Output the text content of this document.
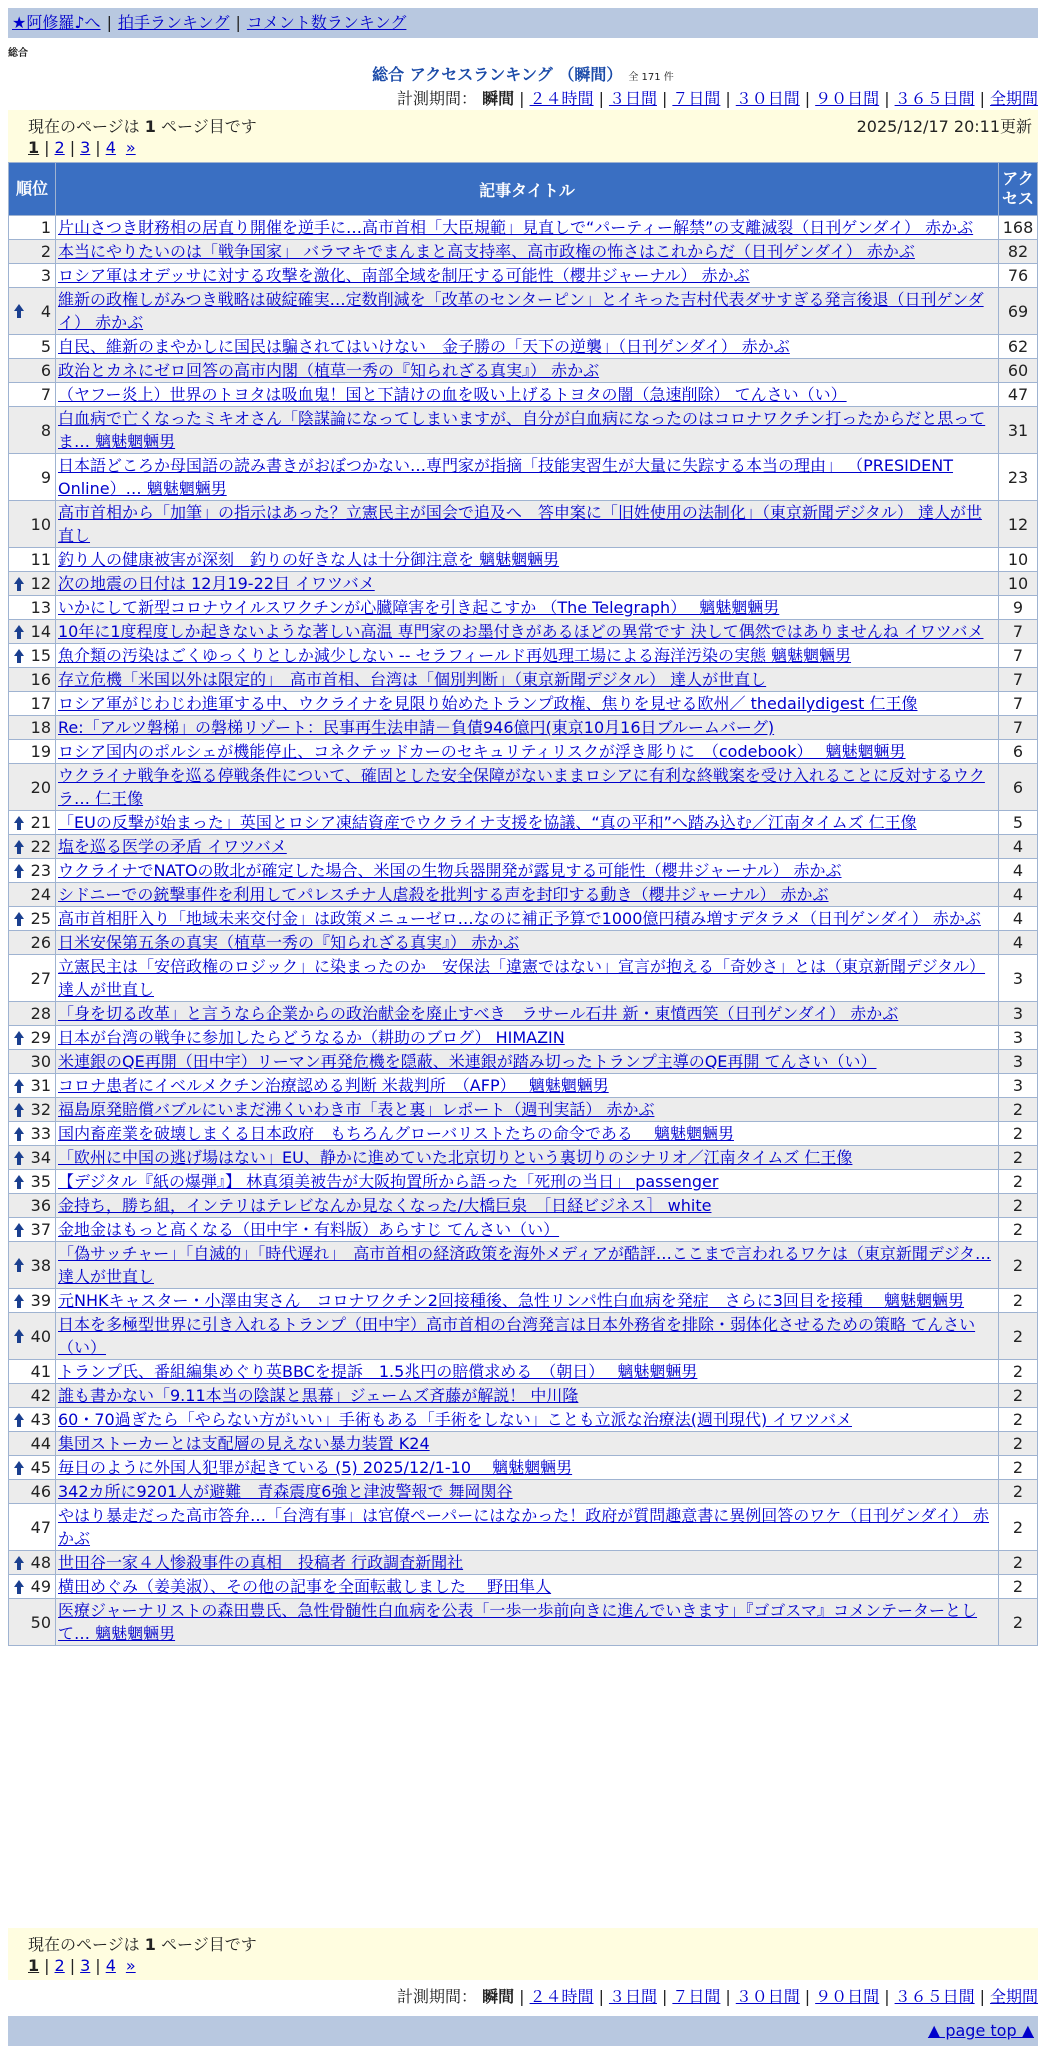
★阿修羅♪へ | 拍手ランキング | コメント数ランキング
総合
総合 アクセスランキング （瞬間） 全 171 件
計測期間： 瞬間 | ２４時間 | ３日間 | ７日間 | ３０日間 | ９０日間 | ３６５日間 | 全期間
現在のページは 1 ページ目です	2025/12/17 20:11更新
1 | 2 | 3 | 4 »
順位	記事タイトル	アクセス
1	片山さつき財務相の居直り開催を逆手に…高市首相「大臣規範」見直しで“パーティー解禁”の支離滅裂（日刊ゲンダイ） 赤かぶ	168
2	本当にやりたいのは「戦争国家」 バラマキでまんまと高支持率、高市政権の怖さはこれからだ（日刊ゲンダイ） 赤かぶ	82
3	ロシア軍はオデッサに対する攻撃を激化、南部全域を制圧する可能性（櫻井ジャーナル） 赤かぶ	76

4	維新の政権しがみつき戦略は破綻確実…定数削減を「改革のセンターピン」とイキった吉村代表ダサすぎる発言後退（日刊ゲンダイ） 赤かぶ	69
5	自民、維新のまやかしに国民は騙されてはいけない　金子勝の「天下の逆襲」（日刊ゲンダイ） 赤かぶ	62
6	政治とカネにゼロ回答の高市内閣（植草一秀の『知られざる真実』） 赤かぶ	60
7	（ヤフー炎上）世界のトヨタは吸血鬼！国と下請けの血を吸い上げるトヨタの闇（急速削除） てんさい（い）	47
8	白血病で亡くなったミキオさん「陰謀論になってしまいますが、自分が白血病になったのはコロナワクチン打ったからだと思ってま… 魑魅魍魎男	31
9	日本語どころか母国語の読み書きがおぼつかない…専門家が指摘「技能実習生が大量に失踪する本当の理由」 （PRESIDENT Online）… 魑魅魍魎男	23
10	高市首相から「加筆」の指示はあった？立憲民主が国会で追及へ　答申案に「旧姓使用の法制化」（東京新聞デジタル） 達人が世直し	12
11	釣り人の健康被害が深刻　釣りの好きな人は十分御注意を 魑魅魍魎男	10

12	次の地震の日付は 12月19-22日 イワツバメ	10
13	いかにして新型コロナウイルスワクチンが心臓障害を引き起こすか （The Telegraph）　 魑魅魍魎男	9

14	10年に1度程度しか起きないような著しい高温 専門家のお墨付きがあるほどの異常です 決して偶然ではありませんね イワツバメ	7

15	魚介類の汚染はごくゆっくりとしか減少しない -- セラフィールド再処理工場による海洋汚染の実態 魑魅魍魎男	7
16	存立危機「米国以外は限定的」　高市首相、台湾は「個別判断」（東京新聞デジタル） 達人が世直し	7
17	ロシア軍がじわじわ進軍する中、ウクライナを見限り始めたトランプ政権、焦りを見せる欧州／ thedailydigest 仁王像	7
18	Re:「アルツ磐梯」の磐梯リゾート：民事再生法申請－負債946億円(東京10月16日ブルームバーグ)	7
19	ロシア国内のポルシェが機能停止、コネクテッドカーのセキュリティリスクが浮き彫りに　（codebook）　 魑魅魍魎男	6
20	ウクライナ戦争を巡る停戦条件について、確固とした安全保障がないままロシアに有利な終戦案を受け入れることに反対するウクラ… 仁王像	6

21	「EUの反撃が始まった」英国とロシア凍結資産でウクライナ支援を協議、“真の平和”へ踏み込む／江南タイムズ 仁王像	5

22	塩を巡る医学の矛盾 イワツバメ	4

23	ウクライナでNATOの敗北が確定した場合、米国の生物兵器開発が露見する可能性（櫻井ジャーナル） 赤かぶ	4
24	シドニーでの銃撃事件を利用してパレスチナ人虐殺を批判する声を封印する動き（櫻井ジャーナル） 赤かぶ	4

25	高市首相肝入り「地域未来交付金」は政策メニューゼロ…なのに補正予算で1000億円積み増すデタラメ（日刊ゲンダイ） 赤かぶ	4
26	日米安保第五条の真実（植草一秀の『知られざる真実』） 赤かぶ	4
27	立憲民主は「安倍政権のロジック」に染まったのか　安保法「違憲ではない」宣言が抱える「奇妙さ」とは（東京新聞デジタル） 達人が世直し	3
28	「身を切る改革」と言うなら企業からの政治献金を廃止すべき　ラサール石井 新・東憤西笑（日刊ゲンダイ） 赤かぶ	3

29	日本が台湾の戦争に参加したらどうなるか（耕助のブログ） HIMAZIN	3
30	米連銀のQE再開（田中宇）リーマン再発危機を隠蔽、米連銀が踏み切ったトランプ主導のQE再開 てんさい（い）	3

31	コロナ患者にイベルメクチン治療認める判断 米裁判所　（AFP）　 魑魅魍魎男	3

32	福島原発賠償バブルにいまだ沸くいわき市「表と裏」レポート（週刊実話） 赤かぶ	2

33	国内畜産業を破壊しまくる日本政府　もちろんグローバリストたちの命令である　 魑魅魍魎男	2

34	「欧州に中国の逃げ場はない」EU、静かに進めていた北京切りという裏切りのシナリオ／江南タイムズ 仁王像	2

35	【デジタル『紙の爆弾』】 林真須美被告が大阪拘置所から語った「死刑の当日」 passenger	2
36	金持ち，勝ち組，インテリはテレビなんか見なくなった/大橋巨泉　［日経ビジネス］ white	2

37	金地金はもっと高くなる（田中宇・有料版）あらすじ てんさい（い）	2

38	「偽サッチャー」「自滅的」「時代遅れ」　高市首相の経済政策を海外メディアが酷評…ここまで言われるワケは（東京新聞デジタ… 達人が世直し	2

39	元NHKキャスター・小澤由実さん　コロナワクチン2回接種後、急性リンパ性白血病を発症　さらに3回目を接種　 魑魅魍魎男	2

40	日本を多極型世界に引き入れるトランプ（田中宇）高市首相の台湾発言は日本外務省を排除・弱体化させるための策略 てんさい（い）	2
41	トランプ氏、番組編集めぐり英BBCを提訴　1.5兆円の賠償求める　（朝日）　 魑魅魍魎男	2
42	誰も書かない「9.11本当の陰謀と黒幕」ジェームズ斉藤が解説！ 中川隆	2

43	60・70過ぎたら「やらない方がいい」手術もある「手術をしない」ことも立派な治療法(週刊現代) イワツバメ	2
44	集団ストーカーとは支配層の見えない暴力装置 K24	2

45	毎日のように外国人犯罪が起きている (5) 2025/12/1-10　 魑魅魍魎男	2
46	342カ所に9201人が避難　青森震度6強と津波警報で 舞岡関谷	2
47	やはり暴走だった高市答弁…「台湾有事」は官僚ペーパーにはなかった！政府が質問趣意書に異例回答のワケ（日刊ゲンダイ） 赤かぶ	2

48	世田谷一家４人惨殺事件の真相　投稿者 行政調査新聞社	2

49	横田めぐみ（姜美淑）、その他の記事を全面転載しました　 野田隼人	2
50	医療ジャーナリストの森田豊氏、急性骨髄性白血病を公表「一歩一歩前向きに進んでいきます」『ゴゴスマ』コメンテーターとして… 魑魅魍魎男	2
現在のページは 1 ページ目です
1 | 2 | 3 | 4 »
計測期間： 瞬間 | ２４時間 | ３日間 | ７日間 | ３０日間 | ９０日間 | ３６５日間 | 全期間
▲ page top ▲
